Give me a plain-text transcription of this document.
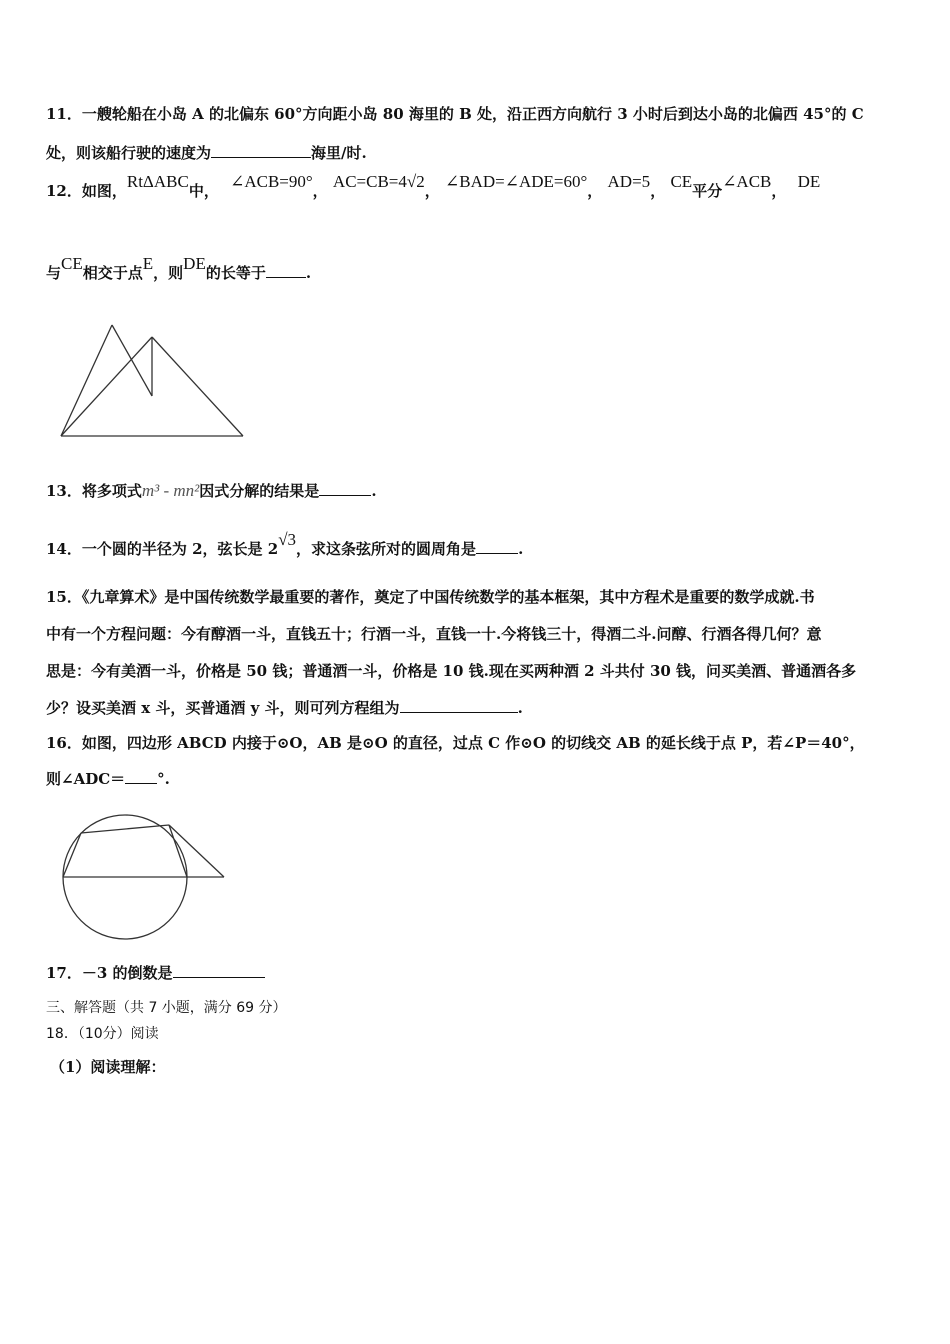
11．一艘轮船在小岛 A 的北偏东 60°方向距小岛 80 海里的 B 处，沿正西方向航行 3 小时后到达小岛的北偏西 45°的 C
处，则该船行驶的速度为	海里/时.
12．如图，RtΔABC中， ∠ACB=90°， AC=CB=4√2， ∠BAD=∠ADE=60°， AD=5， CE平分∠ACB， DE
与CE相交于点E，则DE的长等于	.
13．将多项式m³ - mn²因式分解的结果是	.
14．一个圆的半径为 2，弦长是 2√3，求这条弦所对的圆周角是	.
15．《九章算术》是中国传统数学最重要的著作，奠定了中国传统数学的基本框架，其中方程术是重要的数学成就.书
中有一个方程问题：今有醇酒一斗，直钱五十；行酒一斗，直钱一十.今将钱三十，得酒二斗.问醇、行酒各得几何？意
思是：今有美酒一斗，价格是 50 钱；普通酒一斗，价格是 10 钱.现在买两种酒 2 斗共付 30 钱，问买美酒、普通酒各多
少？设买美酒 x 斗，买普通酒 y 斗，则可列方程组为	.
16．如图，四边形 ABCD 内接于⊙O，AB 是⊙O 的直径，过点 C 作⊙O 的切线交 AB 的延长线于点 P，若∠P＝40°，
则∠ADC＝ °.
17．－3 的倒数是
三、解答题（共 7 小题，满分 69 分）
18．（10分）阅读
（1）阅读理解：
